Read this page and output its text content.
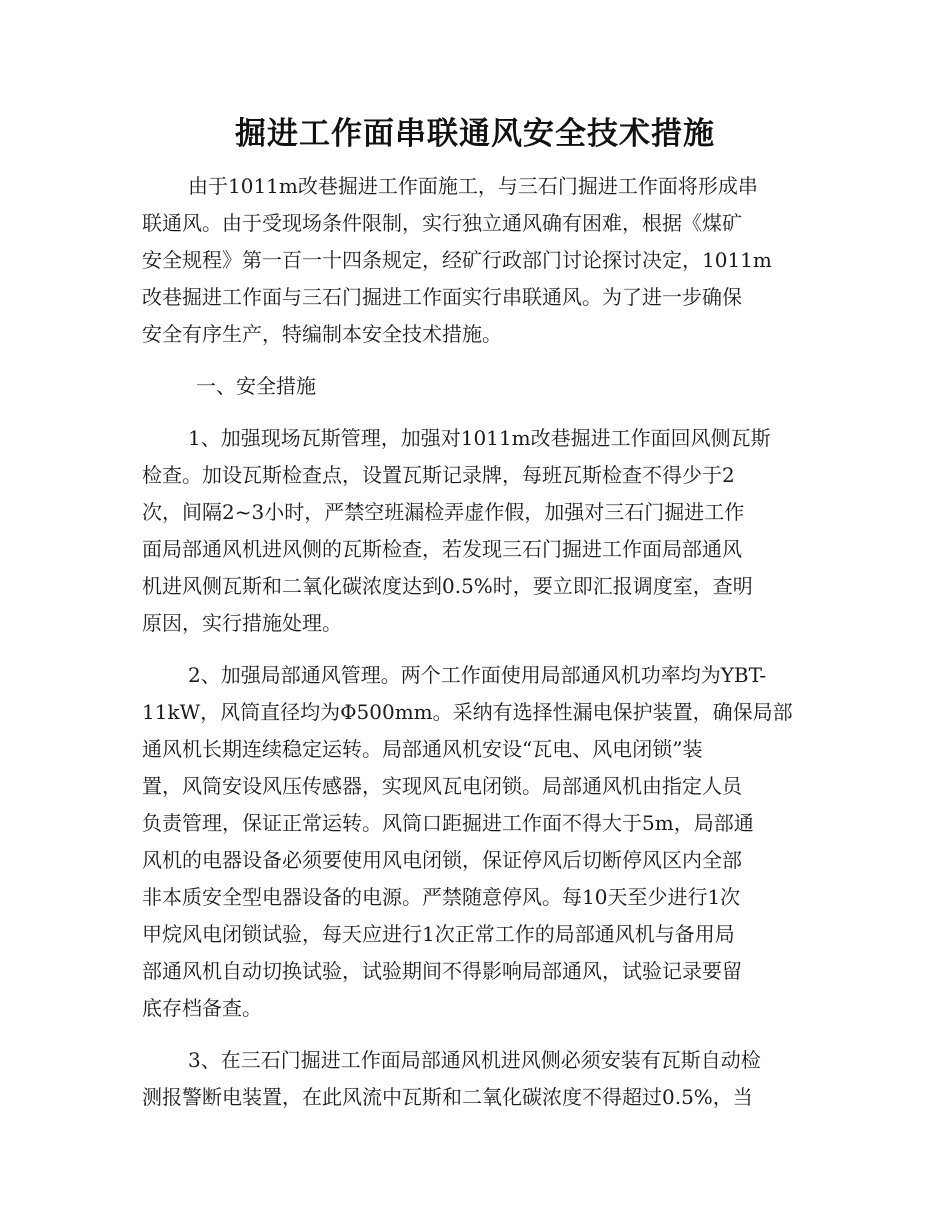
掘进工作面串联通风安全技术措施
由于1011m改巷掘进工作面施工，与三石门掘进工作面将形成串
联通风。由于受现场条件限制，实行独立通风确有困难，根据《煤矿
安全规程》第一百一十四条规定，经矿行政部门讨论探讨决定，1011m
改巷掘进工作面与三石门掘进工作面实行串联通风。为了进一步确保
安全有序生产，特编制本安全技术措施。
一、安全措施
1、加强现场瓦斯管理，加强对1011m改巷掘进工作面回风侧瓦斯
检查。加设瓦斯检查点，设置瓦斯记录牌，每班瓦斯检查不得少于2
次，间隔2~3小时，严禁空班漏检弄虚作假，加强对三石门掘进工作
面局部通风机进风侧的瓦斯检查，若发现三石门掘进工作面局部通风
机进风侧瓦斯和二氧化碳浓度达到0.5%时，要立即汇报调度室，查明
原因，实行措施处理。
2、加强局部通风管理。两个工作面使用局部通风机功率均为YBT-
11kW，风筒直径均为Φ500mm。采纳有选择性漏电保护装置，确保局部
通风机长期连续稳定运转。局部通风机安设“瓦电、风电闭锁”装
置，风筒安设风压传感器，实现风瓦电闭锁。局部通风机由指定人员
负责管理，保证正常运转。风筒口距掘进工作面不得大于5m，局部通
风机的电器设备必须要使用风电闭锁，保证停风后切断停风区内全部
非本质安全型电器设备的电源。严禁随意停风。每10天至少进行1次
甲烷风电闭锁试验，每天应进行1次正常工作的局部通风机与备用局
部通风机自动切换试验，试验期间不得影响局部通风，试验记录要留
底存档备查。
3、在三石门掘进工作面局部通风机进风侧必须安装有瓦斯自动检
测报警断电装置，在此风流中瓦斯和二氧化碳浓度不得超过0.5%，当
